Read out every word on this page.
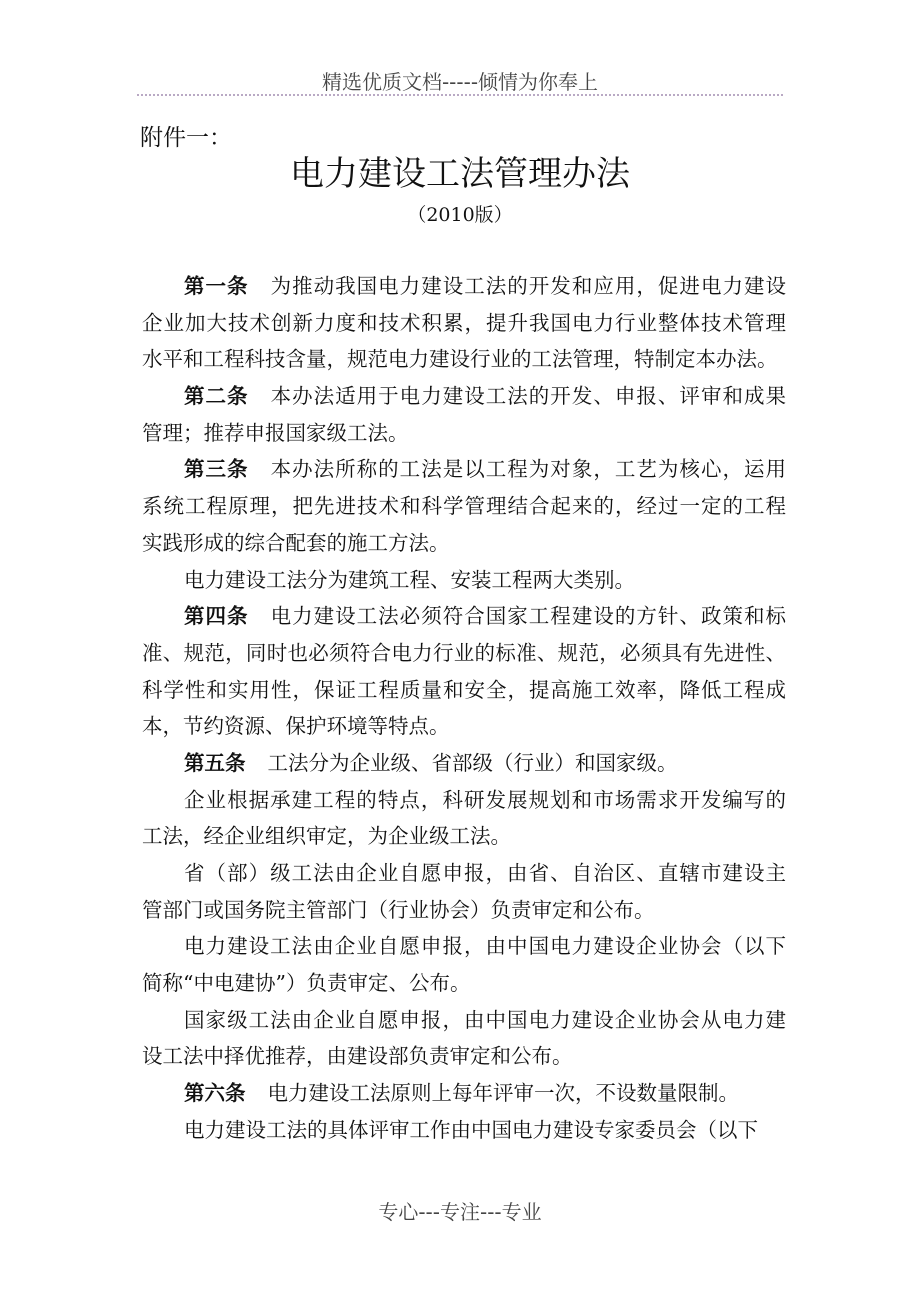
精选优质文档-----倾情为你奉上
附件一：
电力建设工法管理办法
（2010版）
第一条 为推动我国电力建设工法的开发和应用，促进电力建设
企业加大技术创新力度和技术积累，提升我国电力行业整体技术管理
水平和工程科技含量，规范电力建设行业的工法管理，特制定本办法。
第二条 本办法适用于电力建设工法的开发、申报、评审和成果
管理；推荐申报国家级工法。
第三条 本办法所称的工法是以工程为对象，工艺为核心，运用
系统工程原理，把先进技术和科学管理结合起来的，经过一定的工程
实践形成的综合配套的施工方法。
电力建设工法分为建筑工程、安装工程两大类别。
第四条 电力建设工法必须符合国家工程建设的方针、政策和标
准、规范，同时也必须符合电力行业的标准、规范，必须具有先进性、
科学性和实用性，保证工程质量和安全，提高施工效率，降低工程成
本，节约资源、保护环境等特点。
第五条 工法分为企业级、省部级（行业）和国家级。
企业根据承建工程的特点，科研发展规划和市场需求开发编写的
工法，经企业组织审定，为企业级工法。
省（部）级工法由企业自愿申报，由省、自治区、直辖市建设主
管部门或国务院主管部门（行业协会）负责审定和公布。
电力建设工法由企业自愿申报，由中国电力建设企业协会（以下
简称“中电建协”）负责审定、公布。
国家级工法由企业自愿申报，由中国电力建设企业协会从电力建
设工法中择优推荐，由建设部负责审定和公布。
第六条 电力建设工法原则上每年评审一次，不设数量限制。
电力建设工法的具体评审工作由中国电力建设专家委员会（以下
专心---专注---专业
